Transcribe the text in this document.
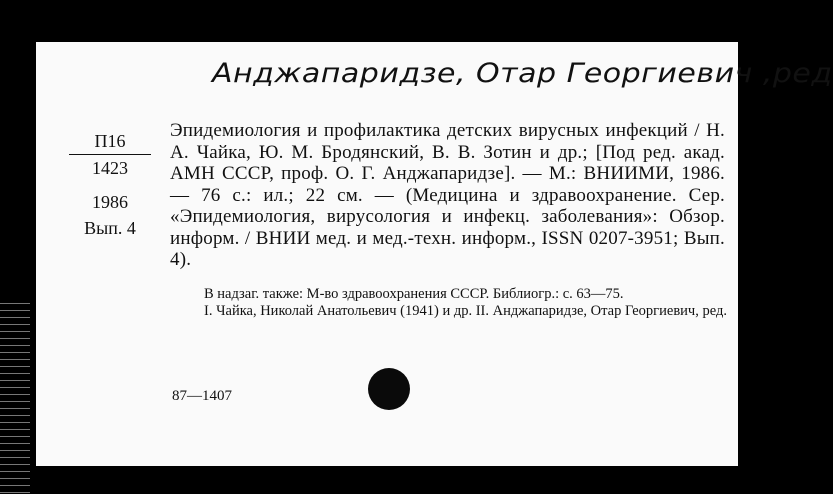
Анджапаридзе, Отар Георгиевич ,ред
П16
1423
1986
Вып. 4

Эпидемиология и профилактика детских вирусных инфекций / Н. А. Чайка, Ю. М. Бродянский, В. В. Зотин и др.; [Под ред. акад. АМН СССР, проф. О. Г. Анджапаридзе]. — М.: ВНИИМИ, 1986. — 76 с.: ил.; 22 см. — (Медицина и здравоохранение. Сер. «Эпидемиология, вирусология и инфекц. заболевания»: Обзор. информ. / ВНИИ мед. и мед.-техн. информ., ISSN 0207-3951; Вып. 4).

В надзаг. также: М-во здравоохранения СССР. Библиогр.: с. 63—75.

I. Чайка, Николай Анатольевич (1941) и др. II. Анджапаридзе, Отар Георгиевич, ред.

87—1407
